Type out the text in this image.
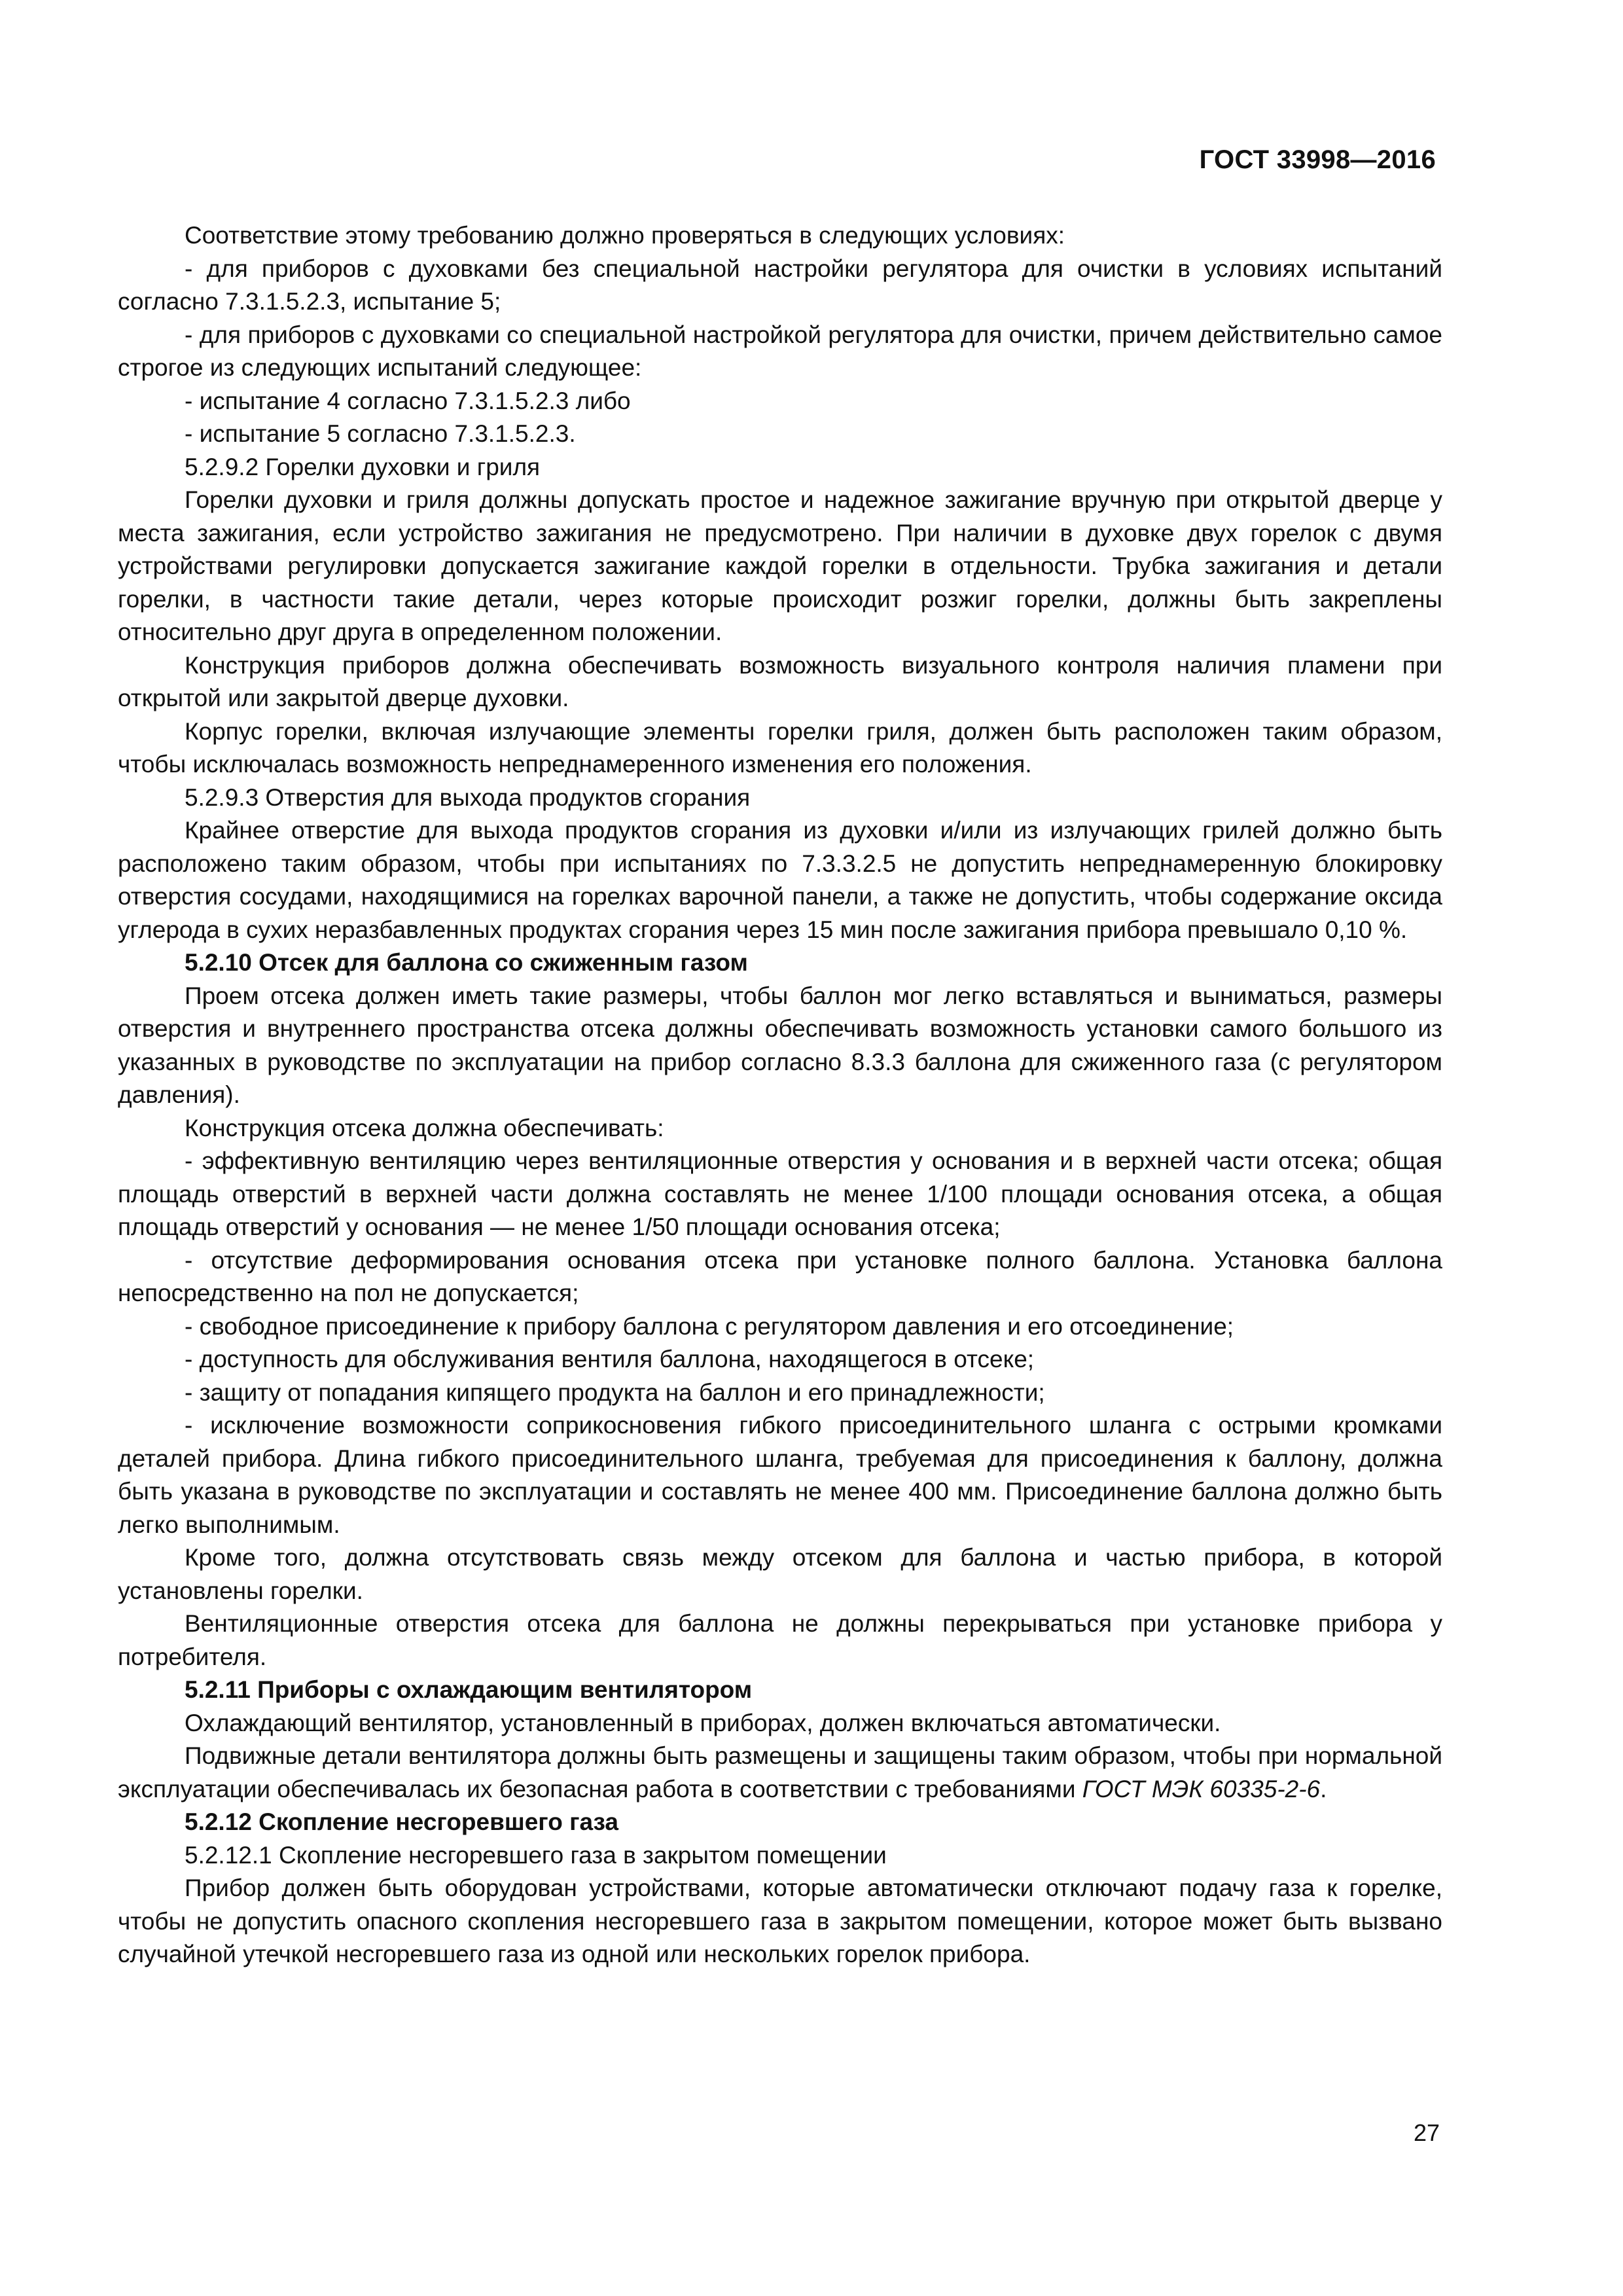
ГОСТ 33998—2016

Соответствие этому требованию должно проверяться в следующих условиях:

- для приборов с духовками без специальной настройки регулятора для очистки в условиях испытаний согласно 7.3.1.5.2.3, испытание 5;

- для приборов с духовками со специальной настройкой регулятора для очистки, причем действительно самое строгое из следующих испытаний следующее:

- испытание 4 согласно 7.3.1.5.2.3 либо

- испытание 5 согласно 7.3.1.5.2.3.

5.2.9.2 Горелки духовки и гриля

Горелки духовки и гриля должны допускать простое и надежное зажигание вручную при открытой дверце у места зажигания, если устройство зажигания не предусмотрено. При наличии в духовке двух горелок с двумя устройствами регулировки допускается зажигание каждой горелки в отдельности. Трубка зажигания и детали горелки, в частности такие детали, через которые происходит розжиг горелки, должны быть закреплены относительно друг друга в определенном положении.

Конструкция приборов должна обеспечивать возможность визуального контроля наличия пламени при открытой или закрытой дверце духовки.

Корпус горелки, включая излучающие элементы горелки гриля, должен быть расположен таким образом, чтобы исключалась возможность непреднамеренного изменения его положения.

5.2.9.3 Отверстия для выхода продуктов сгорания

Крайнее отверстие для выхода продуктов сгорания из духовки и/или из излучающих грилей должно быть расположено таким образом, чтобы при испытаниях по 7.3.3.2.5 не допустить непреднамеренную блокировку отверстия сосудами, находящимися на горелках варочной панели, а также не допустить, чтобы содержание оксида углерода в сухих неразбавленных продуктах сгорания через 15 мин после зажигания прибора превышало 0,10 %.

5.2.10 Отсек для баллона со сжиженным газом

Проем отсека должен иметь такие размеры, чтобы баллон мог легко вставляться и выниматься, размеры отверстия и внутреннего пространства отсека должны обеспечивать возможность установки самого большого из указанных в руководстве по эксплуатации на прибор согласно 8.3.3 баллона для сжиженного газа (с регулятором давления).

Конструкция отсека должна обеспечивать:

- эффективную вентиляцию через вентиляционные отверстия у основания и в верхней части отсека; общая площадь отверстий в верхней части должна составлять не менее 1/100 площади основания отсека, а общая площадь отверстий у основания — не менее 1/50 площади основания отсека;

- отсутствие деформирования основания отсека при установке полного баллона. Установка баллона непосредственно на пол не допускается;

- свободное присоединение к прибору баллона с регулятором давления и его отсоединение;

- доступность для обслуживания вентиля баллона, находящегося в отсеке;

- защиту от попадания кипящего продукта на баллон и его принадлежности;

- исключение возможности соприкосновения гибкого присоединительного шланга с острыми кромками деталей прибора. Длина гибкого присоединительного шланга, требуемая для присоединения к баллону, должна быть указана в руководстве по эксплуатации и составлять не менее 400 мм. Присоединение баллона должно быть легко выполнимым.

Кроме того, должна отсутствовать связь между отсеком для баллона и частью прибора, в которой установлены горелки.

Вентиляционные отверстия отсека для баллона не должны перекрываться при установке прибора у потребителя.

5.2.11 Приборы с охлаждающим вентилятором

Охлаждающий вентилятор, установленный в приборах, должен включаться автоматически.

Подвижные детали вентилятора должны быть размещены и защищены таким образом, чтобы при нормальной эксплуатации обеспечивалась их безопасная работа в соответствии с требованиями ГОСТ МЭК 60335-2-6.

5.2.12 Скопление несгоревшего газа

5.2.12.1 Скопление несгоревшего газа в закрытом помещении

Прибор должен быть оборудован устройствами, которые автоматически отключают подачу газа к горелке, чтобы не допустить опасного скопления несгоревшего газа в закрытом помещении, которое может быть вызвано случайной утечкой несгоревшего газа из одной или нескольких горелок прибора.

27
